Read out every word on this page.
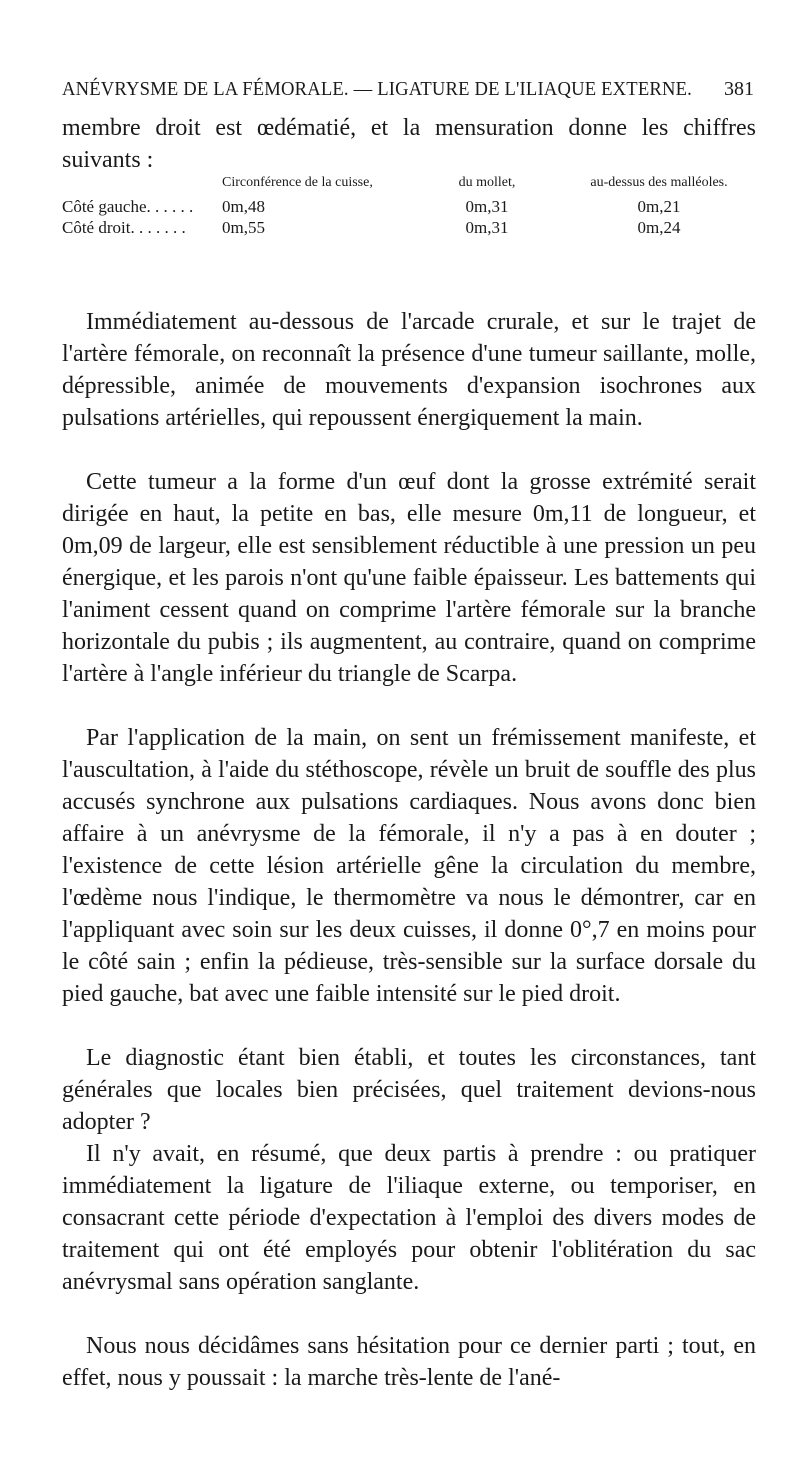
ANÉVRYSME DE LA FÉMORALE. — LIGATURE DE L'ILIAQUE EXTERNE. 381

membre droit est œdématié, et la mensuration donne les chiffres suivants :

	Circonférence de la cuisse,	du mollet,	au-dessus des malléoles.
Côté gauche. . . . . .	0m,48	0m,31	0m,21
Côté droit. . . . . . .	0m,55	0m,31	0m,24

Immédiatement au-dessous de l'arcade crurale, et sur le trajet de l'artère fémorale, on reconnaît la présence d'une tumeur saillante, molle, dépressible, animée de mouvements d'expansion isochrones aux pulsations artérielles, qui repoussent énergiquement la main.

Cette tumeur a la forme d'un œuf dont la grosse extrémité serait dirigée en haut, la petite en bas, elle mesure 0m,11 de longueur, et 0m,09 de largeur, elle est sensiblement réductible à une pression un peu énergique, et les parois n'ont qu'une faible épaisseur. Les battements qui l'animent cessent quand on comprime l'artère fémorale sur la branche horizontale du pubis ; ils augmentent, au contraire, quand on comprime l'artère à l'angle inférieur du triangle de Scarpa.

Par l'application de la main, on sent un frémissement manifeste, et l'auscultation, à l'aide du stéthoscope, révèle un bruit de souffle des plus accusés synchrone aux pulsations cardiaques. Nous avons donc bien affaire à un anévrysme de la fémorale, il n'y a pas à en douter ; l'existence de cette lésion artérielle gêne la circulation du membre, l'œdème nous l'indique, le thermomètre va nous le démontrer, car en l'appliquant avec soin sur les deux cuisses, il donne 0°,7 en moins pour le côté sain ; enfin la pédieuse, très-sensible sur la surface dorsale du pied gauche, bat avec une faible intensité sur le pied droit.

Le diagnostic étant bien établi, et toutes les circonstances, tant générales que locales bien précisées, quel traitement devions-nous adopter ?

Il n'y avait, en résumé, que deux partis à prendre : ou pratiquer immédiatement la ligature de l'iliaque externe, ou temporiser, en consacrant cette période d'expectation à l'emploi des divers modes de traitement qui ont été employés pour obtenir l'oblitération du sac anévrysmal sans opération sanglante.

Nous nous décidâmes sans hésitation pour ce dernier parti ; tout, en effet, nous y poussait : la marche très-lente de l'ané-
